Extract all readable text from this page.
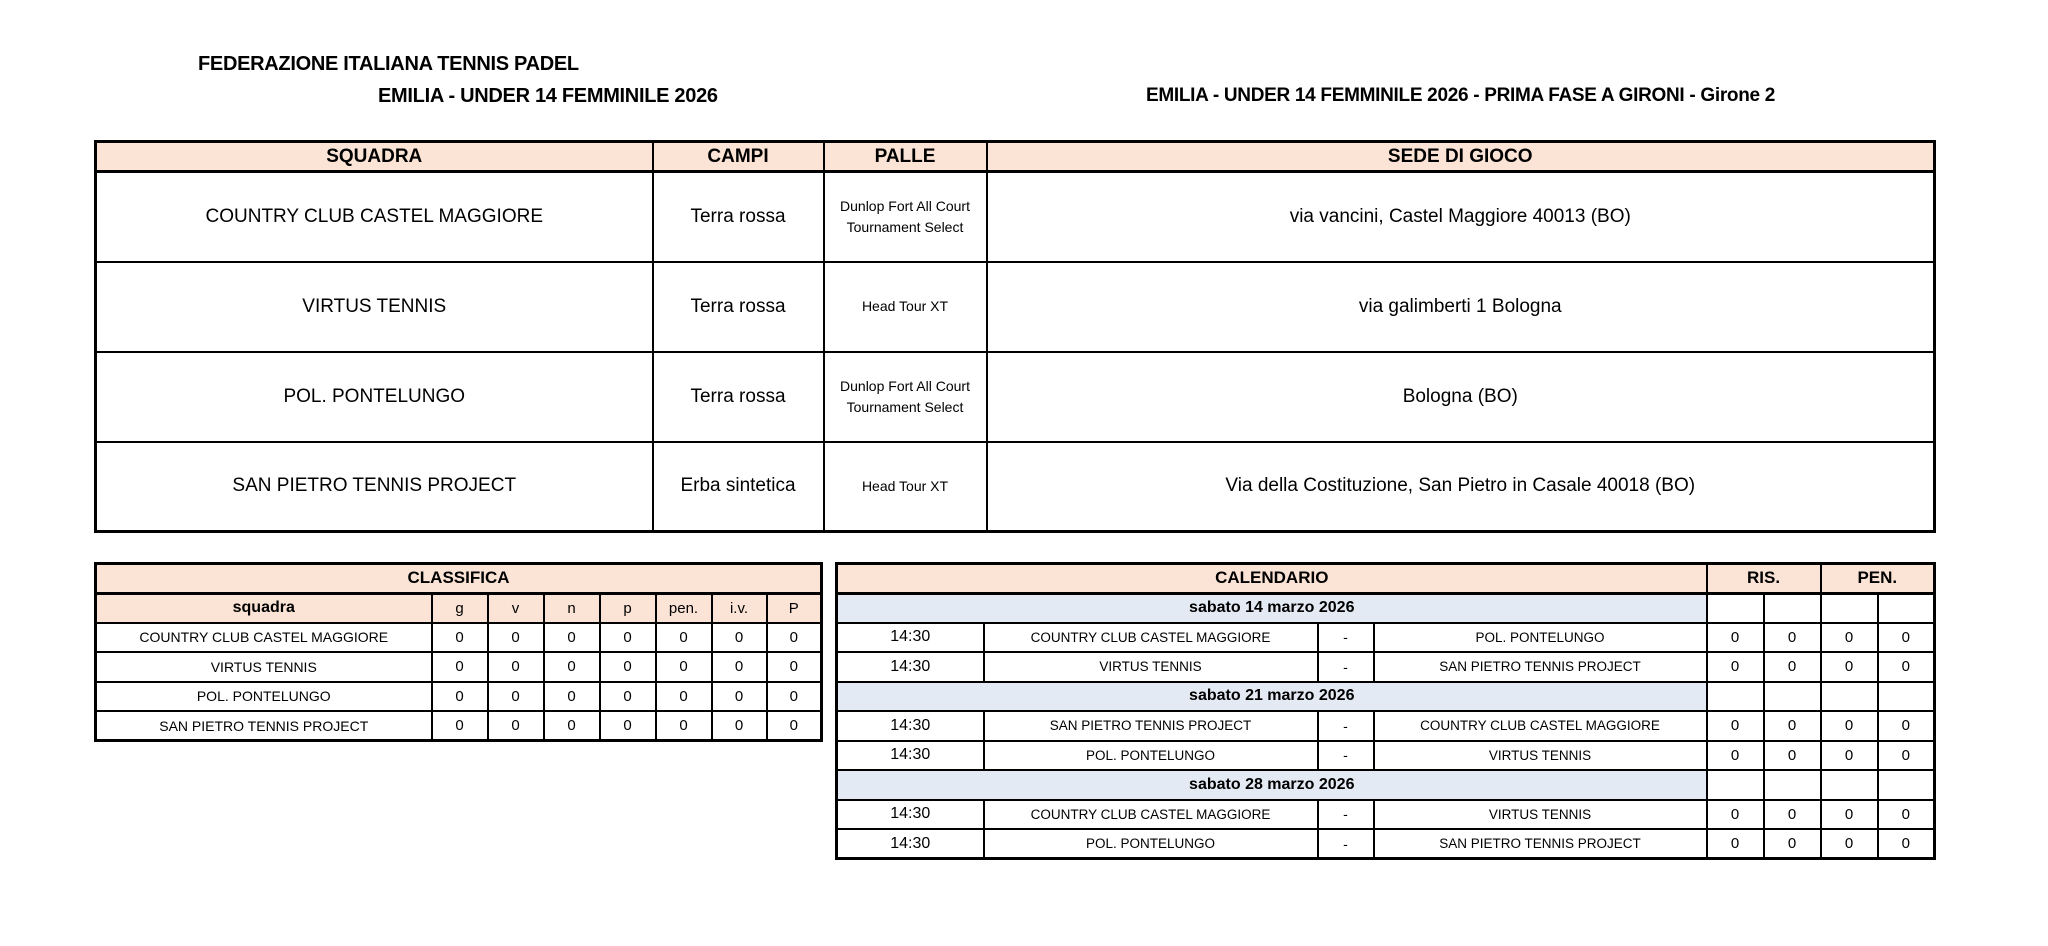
FEDERAZIONE ITALIANA TENNIS PADEL
EMILIA - UNDER 14 FEMMINILE 2026	EMILIA - UNDER 14 FEMMINILE 2026 - PRIMA FASE A GIRONI - Girone 2
SQUADRA	CAMPI	PALLE	SEDE DI GIOCO
COUNTRY CLUB CASTEL MAGGIORE	Terra rossa	Dunlop Fort All Court Tournament Select	via vancini, Castel Maggiore 40013 (BO)
VIRTUS TENNIS	Terra rossa	Head Tour XT	via galimberti 1 Bologna
POL. PONTELUNGO	Terra rossa	Dunlop Fort All Court Tournament Select	Bologna (BO)
SAN PIETRO TENNIS PROJECT	Erba sintetica	Head Tour XT	Via della Costituzione, San Pietro in Casale 40018 (BO)
CLASSIFICA							
squadra	g	v	n	p	pen.	i.v.	P
COUNTRY CLUB CASTEL MAGGIORE	0	0	0	0	0	0	0
VIRTUS TENNIS	0	0	0	0	0	0	0
POL. PONTELUNGO	0	0	0	0	0	0	0
SAN PIETRO TENNIS PROJECT	0	0	0	0	0	0	0
CALENDARIO				RIS.		PEN.	
sabato 14 marzo 2026							
14:30	COUNTRY CLUB CASTEL MAGGIORE	-	POL. PONTELUNGO	0	0	0	0
14:30	VIRTUS TENNIS	-	SAN PIETRO TENNIS PROJECT	0	0	0	0
sabato 21 marzo 2026							
14:30	SAN PIETRO TENNIS PROJECT	-	COUNTRY CLUB CASTEL MAGGIORE	0	0	0	0
14:30	POL. PONTELUNGO	-	VIRTUS TENNIS	0	0	0	0
sabato 28 marzo 2026							
14:30	COUNTRY CLUB CASTEL MAGGIORE	-	VIRTUS TENNIS	0	0	0	0
14:30	POL. PONTELUNGO	-	SAN PIETRO TENNIS PROJECT	0	0	0	0
